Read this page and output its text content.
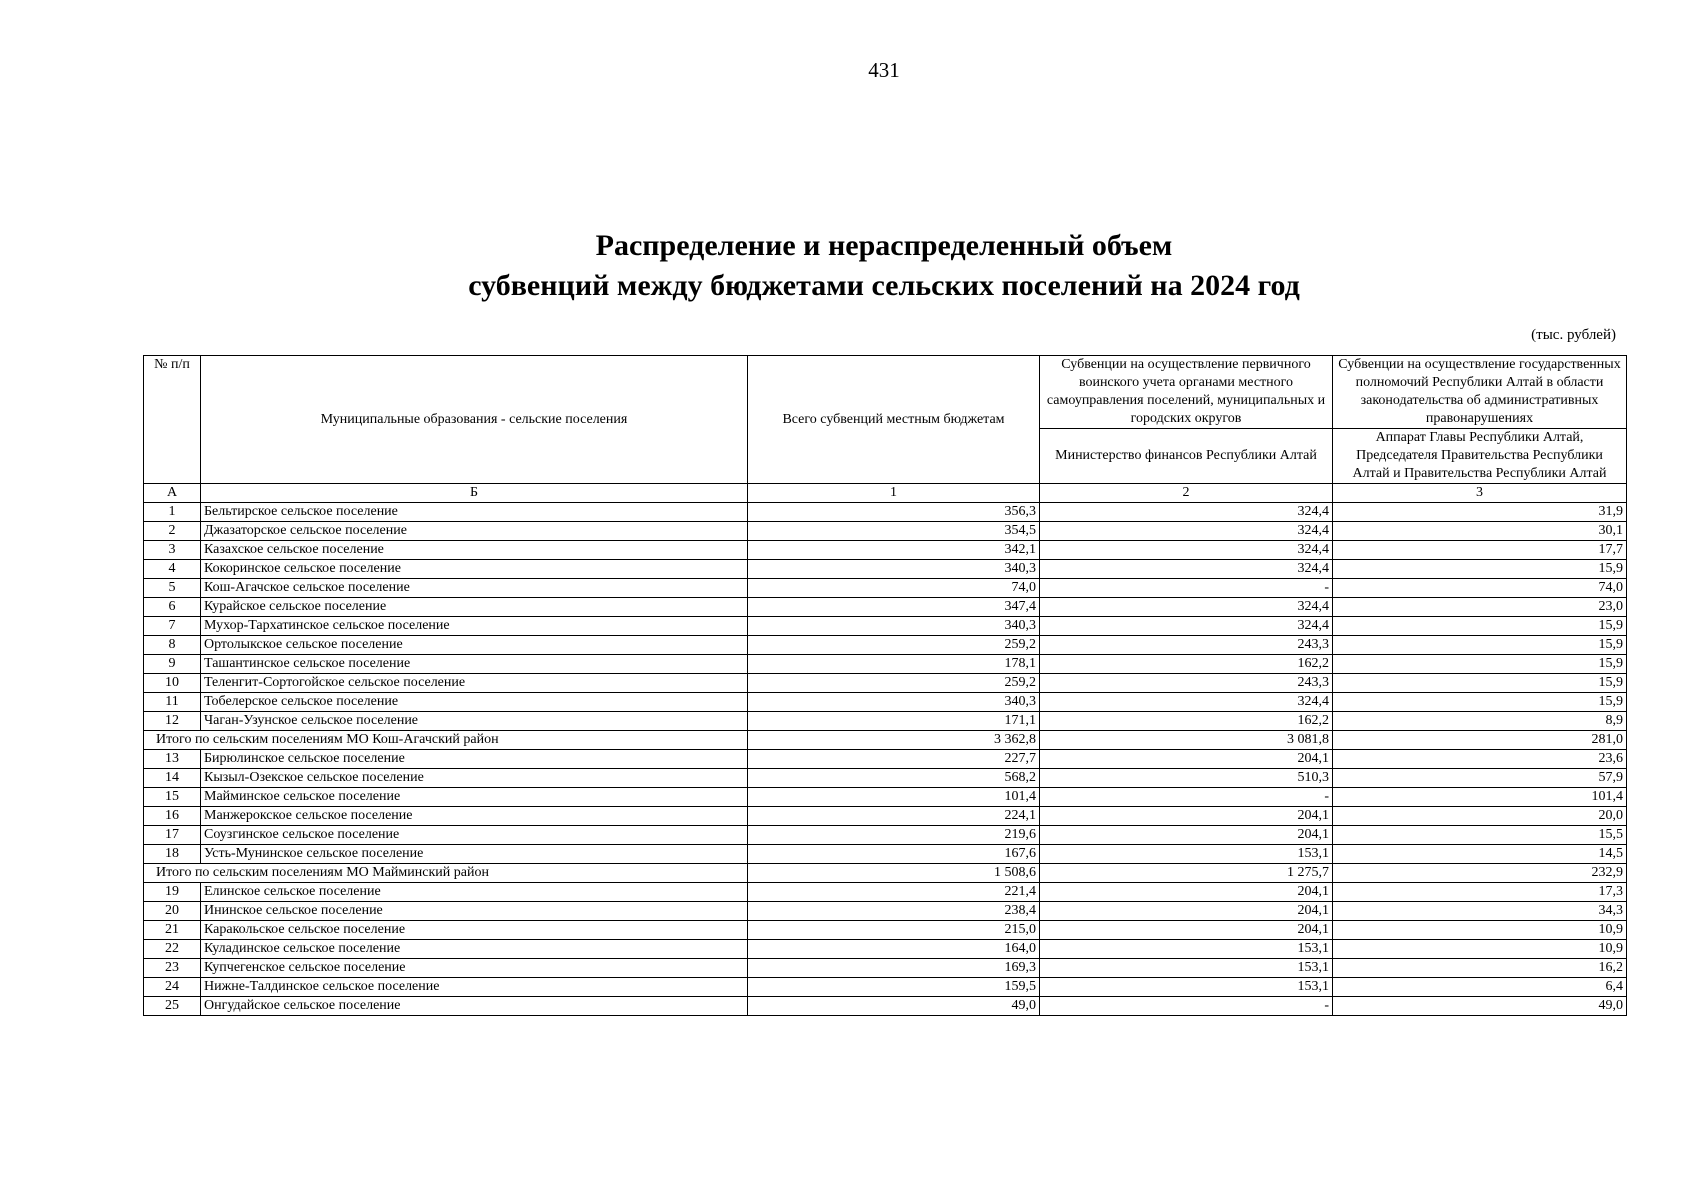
431
Распределение и нераспределенный объем
субвенций между бюджетами сельских поселений на 2024 год
(тыс. рублей)
№ п/п	Муниципальные образования - сельские поселения	Всего субвенций местным бюджетам	Субвенции на осуществление первичного воинского учета органами местного самоуправления поселений, муниципальных и городских округов	Субвенции на осуществление государственных полномочий Республики Алтай в области законодательства об административных правонарушениях
			Министерство финансов Республики Алтай	Аппарат Главы Республики Алтай, Председателя Правительства Республики Алтай и Правительства Республики Алтай
А	Б	1	2	3
1	Бельтирское сельское поселение	356,3	324,4	31,9
2	Джазаторское сельское поселение	354,5	324,4	30,1
3	Казахское сельское поселение	342,1	324,4	17,7
4	Кокоринское сельское поселение	340,3	324,4	15,9
5	Кош-Агачское сельское поселение	74,0	-	74,0
6	Курайское сельское поселение	347,4	324,4	23,0
7	Мухор-Тархатинское сельское поселение	340,3	324,4	15,9
8	Ортолыкское сельское поселение	259,2	243,3	15,9
9	Ташантинское сельское поселение	178,1	162,2	15,9
10	Теленгит-Сортогойское сельское поселение	259,2	243,3	15,9
11	Тобелерское сельское поселение	340,3	324,4	15,9
12	Чаган-Узунское сельское поселение	171,1	162,2	8,9
Итого по сельским поселениям МО Кош-Агачский район		3 362,8	3 081,8	281,0
13	Бирюлинское сельское поселение	227,7	204,1	23,6
14	Кызыл-Озекское сельское поселение	568,2	510,3	57,9
15	Майминское сельское поселение	101,4	-	101,4
16	Манжерокское сельское поселение	224,1	204,1	20,0
17	Соузгинское сельское поселение	219,6	204,1	15,5
18	Усть-Мунинское сельское поселение	167,6	153,1	14,5
Итого по сельским поселениям МО Майминский район		1 508,6	1 275,7	232,9
19	Елинское сельское поселение	221,4	204,1	17,3
20	Ининское сельское поселение	238,4	204,1	34,3
21	Каракольское сельское поселение	215,0	204,1	10,9
22	Куладинское сельское поселение	164,0	153,1	10,9
23	Купчегенское сельское поселение	169,3	153,1	16,2
24	Нижне-Талдинское сельское поселение	159,5	153,1	6,4
25	Онгудайское сельское поселение	49,0	-	49,0
